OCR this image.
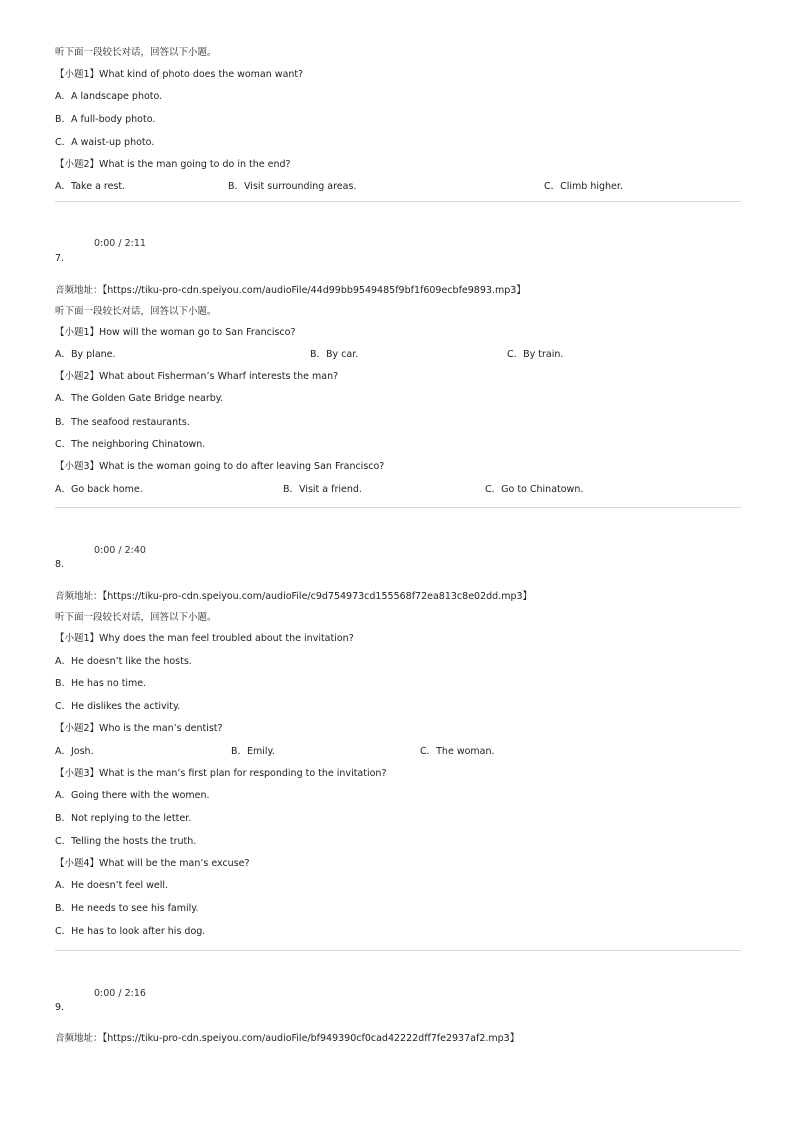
听下面一段较长对话，回答以下小题。
【小题1】What kind of photo does the woman want?
A．A landscape photo.
B．A full-body photo.
C．A waist-up photo.
【小题2】What is the man going to do in the end?
A．Take a rest.	B．Visit surrounding areas.	C．Climb higher.
0:00 / 2:11
7.
音频地址：【https://tiku-pro-cdn.speiyou.com/audioFile/44d99bb9549485f9bf1f609ecbfe9893.mp3】
听下面一段较长对话，回答以下小题。
【小题1】How will the woman go to San Francisco?
A．By plane.	B．By car.	C．By train.
【小题2】What about Fisherman’s Wharf interests the man?
A．The Golden Gate Bridge nearby.
B．The seafood restaurants.
C．The neighboring Chinatown.
【小题3】What is the woman going to do after leaving San Francisco?
A．Go back home.	B．Visit a friend.	C．Go to Chinatown.
0:00 / 2:40
8.
音频地址：【https://tiku-pro-cdn.speiyou.com/audioFile/c9d754973cd155568f72ea813c8e02dd.mp3】
听下面一段较长对话，回答以下小题。
【小题1】Why does the man feel troubled about the invitation?
A．He doesn’t like the hosts.
B．He has no time.
C．He dislikes the activity.
【小题2】Who is the man’s dentist?
A．Josh.	B．Emily.	C．The woman.
【小题3】What is the man’s first plan for responding to the invitation?
A．Going there with the women.
B．Not replying to the letter.
C．Telling the hosts the truth.
【小题4】What will be the man’s excuse?
A．He doesn’t feel well.
B．He needs to see his family.
C．He has to look after his dog.
0:00 / 2:16
9.
音频地址：【https://tiku-pro-cdn.speiyou.com/audioFile/bf949390cf0cad42222dff7fe2937af2.mp3】
